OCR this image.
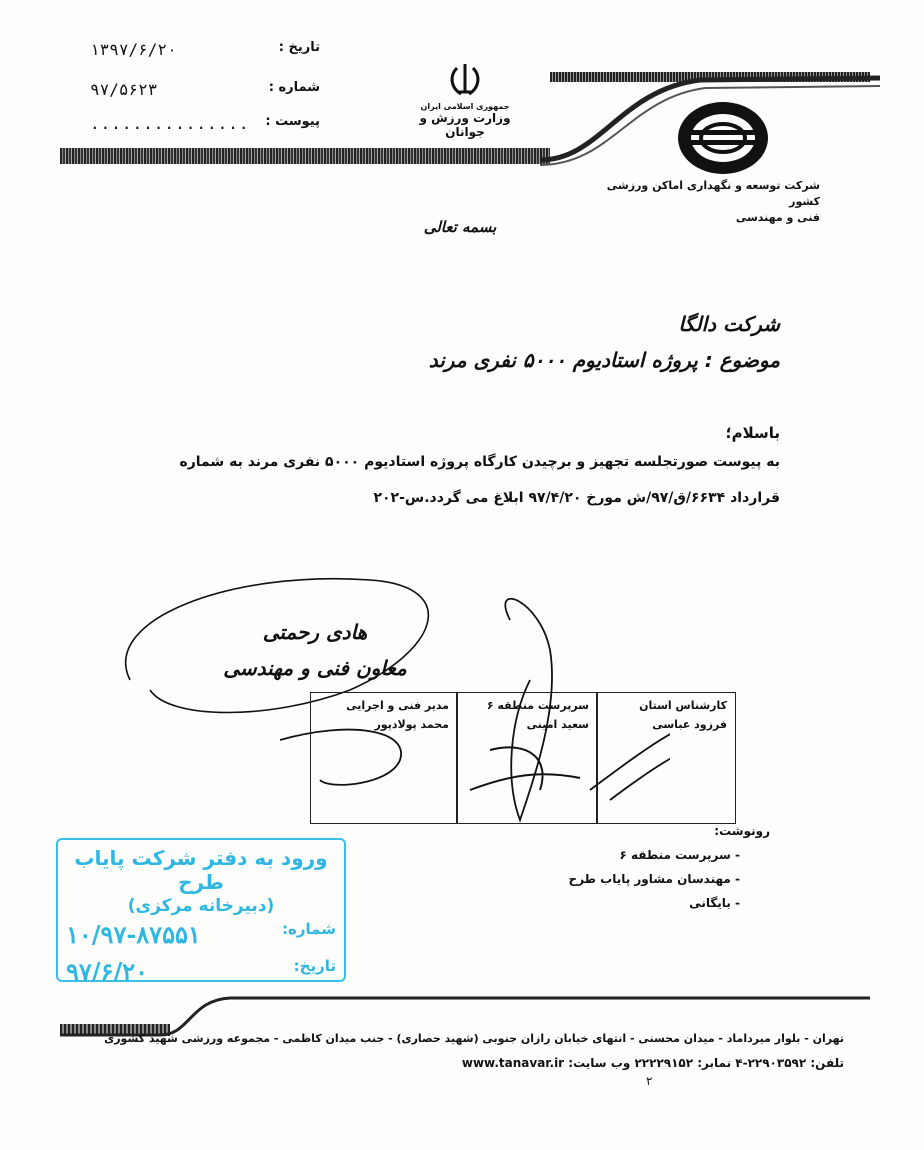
تاریخ :
۱۳۹۷/۶/۲۰
شماره :
۹۷/۵۶۲۳
پیوست :
...............
جمهوری اسلامی ایران
وزارت ورزش و جوانان
شرکت توسعه و نگهداری اماکن ورزشی کشور
فنی و مهندسی
بسمه تعالی
شرکت دالگا
موضوع : پروژه استادیوم ۵۰۰۰ نفری مرند
باسلام؛
به پیوست صورتجلسه تجهیز و برچیدن کارگاه پروژه استادیوم ۵۰۰۰ نفری مرند به شماره
قرارداد ۶۶۳۴/ق/۹۷/ش مورخ ۹۷/۴/۲۰ ابلاغ می گردد.س-۲۰۲
هادی رحمتی
معاون فنی و مهندسی
کارشناس استان
فرزود عباسی
سرپرست منطقه ۶
سعید امینی
مدیر فنی و اجرایی
محمد پولادپور
رونوشت:
- سرپرست منطقه ۶
- مهندسان مشاور پایاب طرح
- بایگانی
ورود به دفتر شرکت پایاب طرح
(دبیرخانه مرکزی)
شماره:
۱۰/۹۷-۸۷۵۵۱
تاریخ:
۹۷/۶/۲۰
تهران - بلوار میرداماد - میدان محسنی - انتهای خیابان رازان جنوبی (شهید حصاری) - جنب میدان کاظمی - مجموعه ورزشی شهید کشوری
تلفن: ۲۲۹۰۳۵۹۲-۴ نمابر: ۲۲۲۲۹۱۵۲ وب سایت: www.tanavar.ir
۲
